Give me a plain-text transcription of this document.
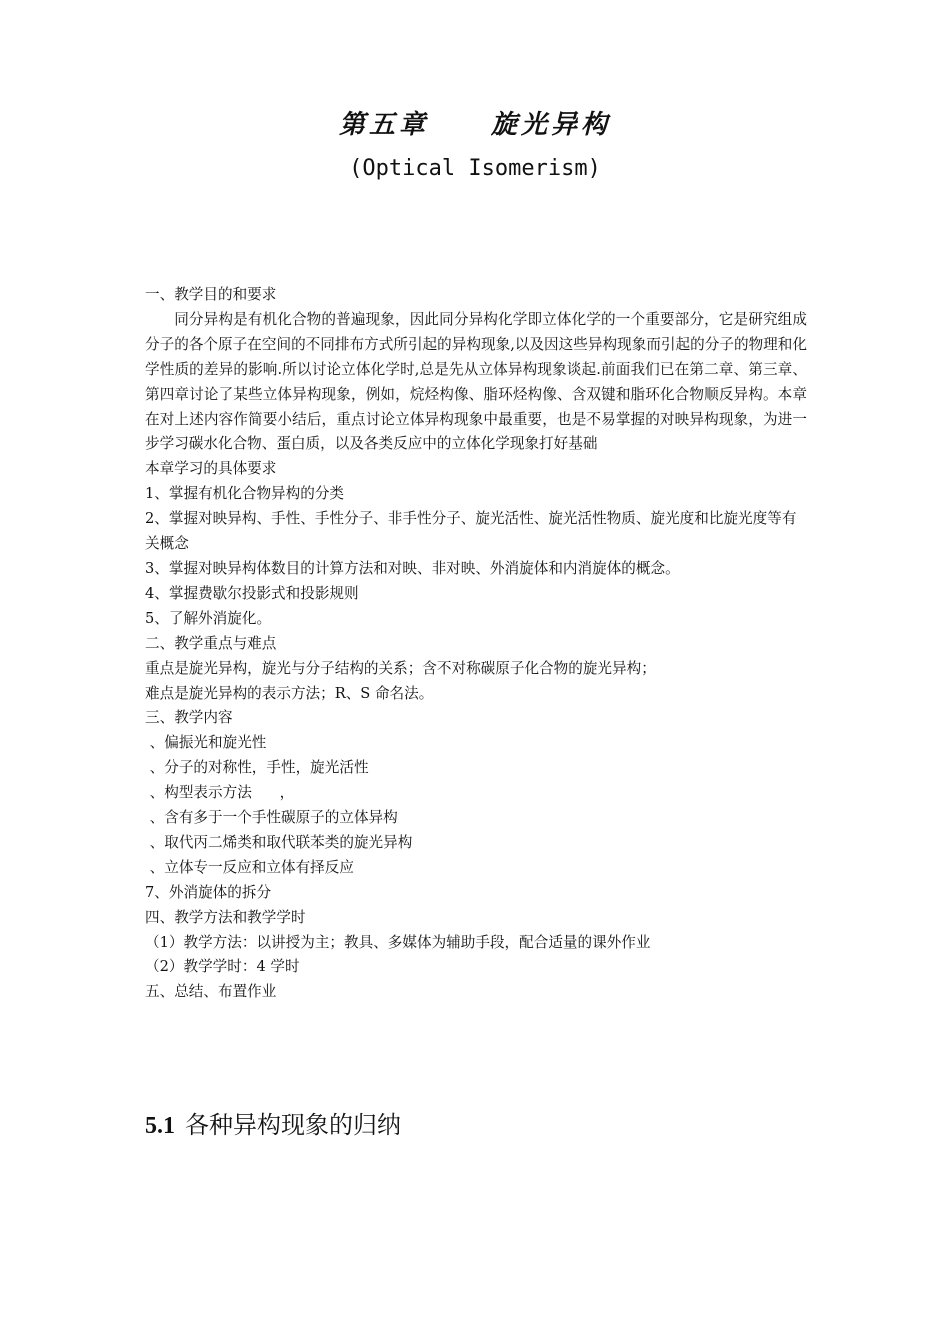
第五章  旋光异构
(Optical Isomerism)
一、教学目的和要求
同分异构是有机化合物的普遍现象，因此同分异构化学即立体化学的一个重要部分，它是研究组成分子的各个原子在空间的不同排布方式所引起的异构现象,以及因这些异构现象而引起的分子的物理和化学性质的差异的影响.所以讨论立体化学时,总是先从立体异构现象谈起.前面我们已在第二章、第三章、第四章讨论了某些立体异构现象，例如，烷烃构像、脂环烃构像、含双键和脂环化合物顺反异构。本章在对上述内容作简要小结后，重点讨论立体异构现象中最重要，也是不易掌握的对映异构现象，为进一步学习碳水化合物、蛋白质，以及各类反应中的立体化学现象打好基础
本章学习的具体要求
1、掌握有机化合物异构的分类
2、掌握对映异构、手性、手性分子、非手性分子、旋光活性、旋光活性物质、旋光度和比旋光度等有关概念
3、掌握对映异构体数目的计算方法和对映、非对映、外消旋体和内消旋体的概念。
4、掌握费歇尔投影式和投影规则
5、了解外消旋化。
二、教学重点与难点
重点是旋光异构，旋光与分子结构的关系；含不对称碳原子化合物的旋光异构；
难点是旋光异构的表示方法；R、S 命名法。
三、教学内容
、偏振光和旋光性
、分子的对称性，手性，旋光活性
、构型表示方法      ，
、含有多于一个手性碳原子的立体异构
、取代丙二烯类和取代联苯类的旋光异构
、立体专一反应和立体有择反应
7、外消旋体的拆分
四、教学方法和教学学时
（1）教学方法：以讲授为主；教具、多媒体为辅助手段，配合适量的课外作业
（2）教学学时：4 学时
五、总结、布置作业
5.1 各种异构现象的归纳
